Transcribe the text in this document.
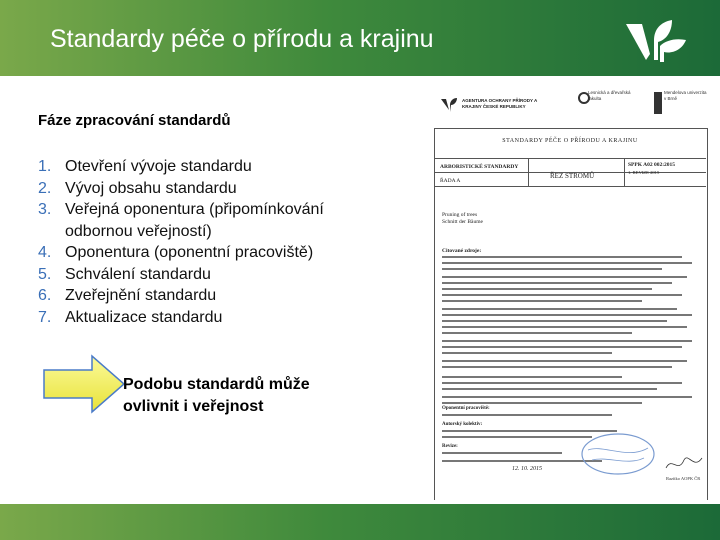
Standardy péče o přírodu a krajinu
Fáze zpracování standardů
1. Otevření vývoje standardu
2. Vývoj obsahu standardu
3. Veřejná oponentura (připomínkování odbornou veřejností)
4. Oponentura (oponentní pracoviště)
5. Schválení standardu
6. Zveřejnění standardu
7. Aktualizace standardu
Podobu standardů může ovlivnit i veřejnost
AGENTURA OCHRANY PŘÍRODY A KRAJINY ČESKÉ REPUBLIKY
Lesnická a dřevařská fakulta
Mendelova univerzita v Brně
STANDARDY PÉČE O PŘÍRODU A KRAJINU
ARBORISTICKÉ STANDARDY
ŘADA A
ŘEZ STROMŮ
SPPK A02 002:2015
1. REVIZE 2015
Pruning of trees
Schnitt der Bäume
Citované zdroje:
Oponentní pracoviště:
Autorský kolektiv:
Revize:
12. 10. 2015
Razítko AOPK ČR
